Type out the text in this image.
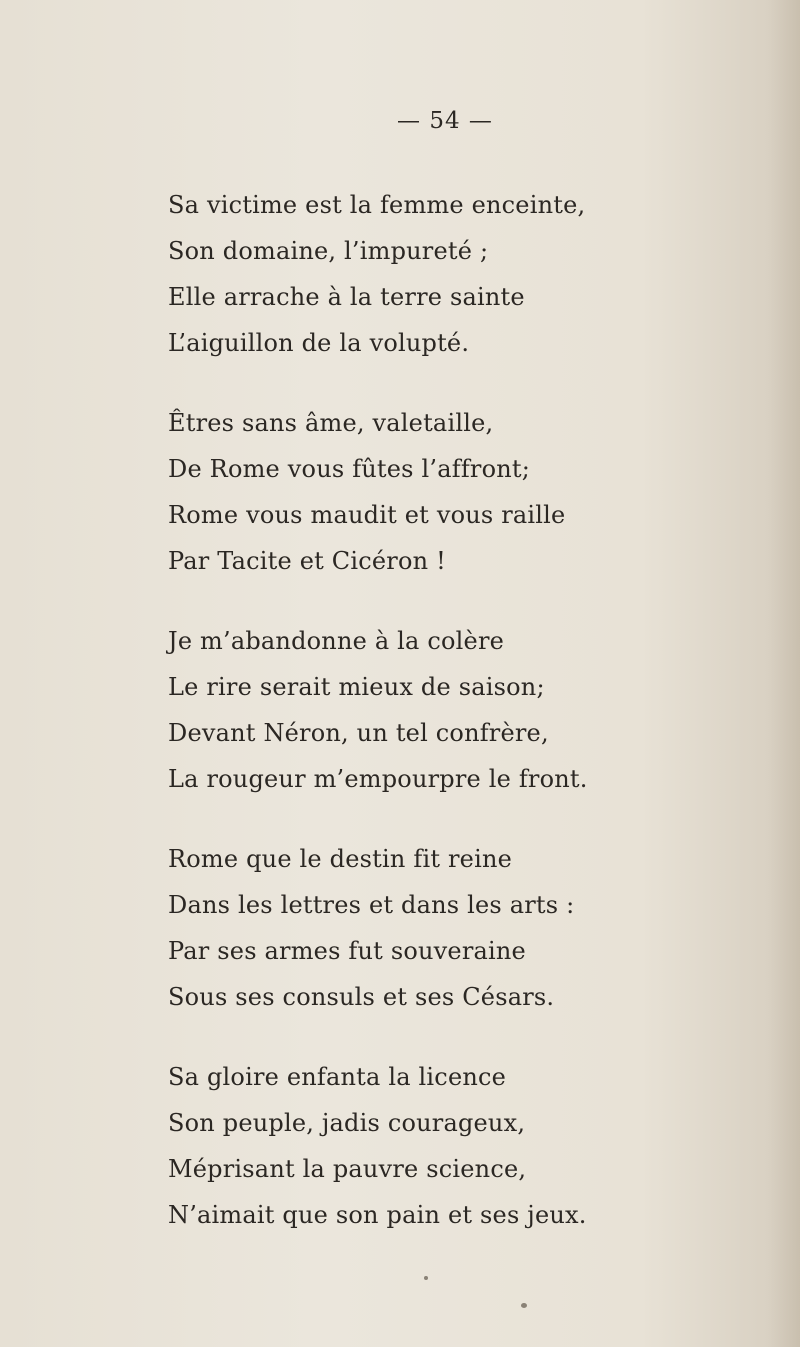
— 54 —
Sa victime est la femme enceinte,
Son domaine, l’impureté ;
Elle arrache à la terre sainte
L’aiguillon de la volupté.
Êtres sans âme, valetaille,
De Rome vous fûtes l’affront;
Rome vous maudit et vous raille
Par Tacite et Cicéron !
Je m’abandonne à la colère
Le rire serait mieux de saison;
Devant Néron, un tel confrère,
La rougeur m’empourpre le front.
Rome que le destin fit reine
Dans les lettres et dans les arts :
Par ses armes fut souveraine
Sous ses consuls et ses Césars.
Sa gloire enfanta la licence
Son peuple, jadis courageux,
Méprisant la pauvre science,
N’aimait que son pain et ses jeux.
